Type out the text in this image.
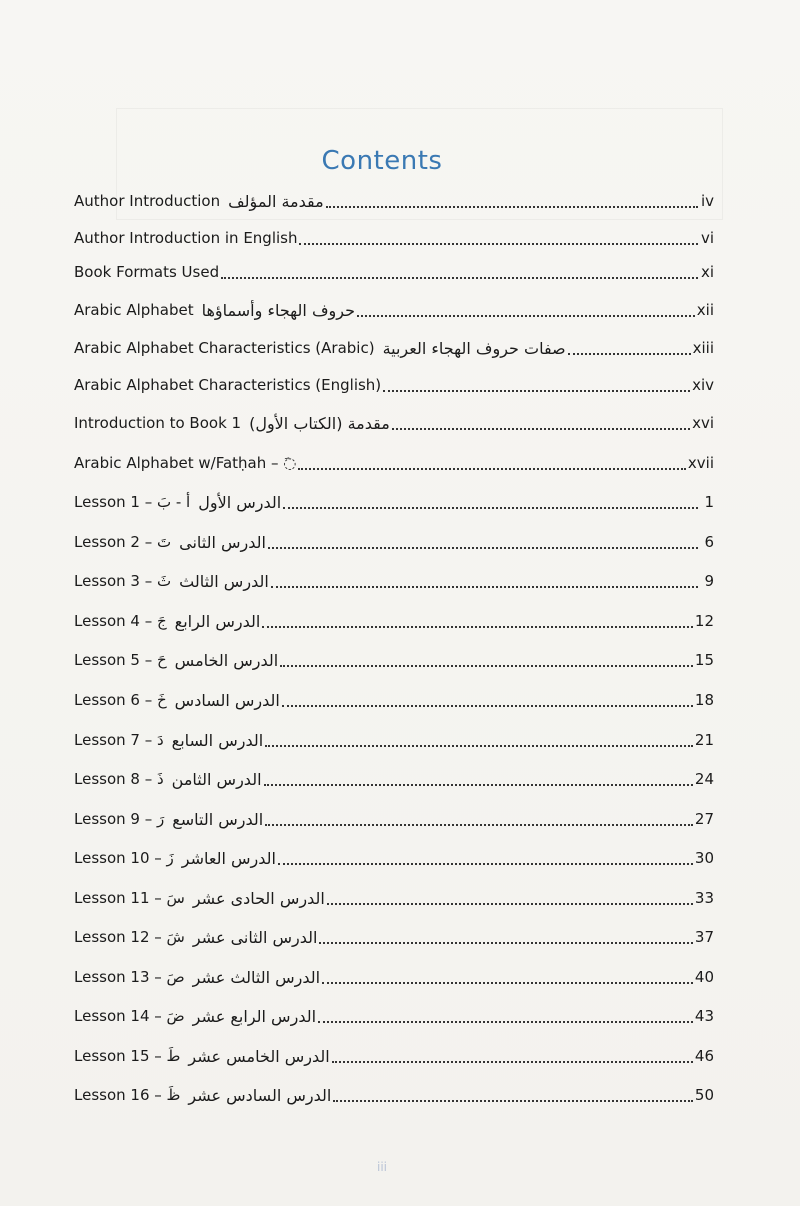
Contents
Author Introduction مقدمة المؤلف	iv
Author Introduction in English	vi
Book Formats Used	xi
Arabic Alphabet حروف الهجاء وأسماؤها	xii
Arabic Alphabet Characteristics (Arabic) صفات حروف الهجاء العربية	xiii
Arabic Alphabet Characteristics (English)	xiv
Introduction to Book 1 مقدمة (الكتاب الأول)	xvi
Arabic Alphabet w/Fatḥah – ◌َ	xvii
Lesson 1 – أ - بَ الدرس الأول	1
Lesson 2 – تَ الدرس الثانى	6
Lesson 3 – ثَ الدرس الثالث	9
Lesson 4 – جَ الدرس الرابع	12
Lesson 5 – حَ الدرس الخامس	15
Lesson 6 – خَ الدرس السادس	18
Lesson 7 – دَ الدرس السابع	21
Lesson 8 – ذَ الدرس الثامن	24
Lesson 9 – رَ الدرس التاسع	27
Lesson 10 – زَ الدرس العاشر	30
Lesson 11 – سَ الدرس الحادى عشر	33
Lesson 12 – شَ الدرس الثانى عشر	37
Lesson 13 – صَ الدرس الثالث عشر	40
Lesson 14 – ضَ الدرس الرابع عشر	43
Lesson 15 – طَ الدرس الخامس عشر	46
Lesson 16 – ظَ الدرس السادس عشر	50
iii
